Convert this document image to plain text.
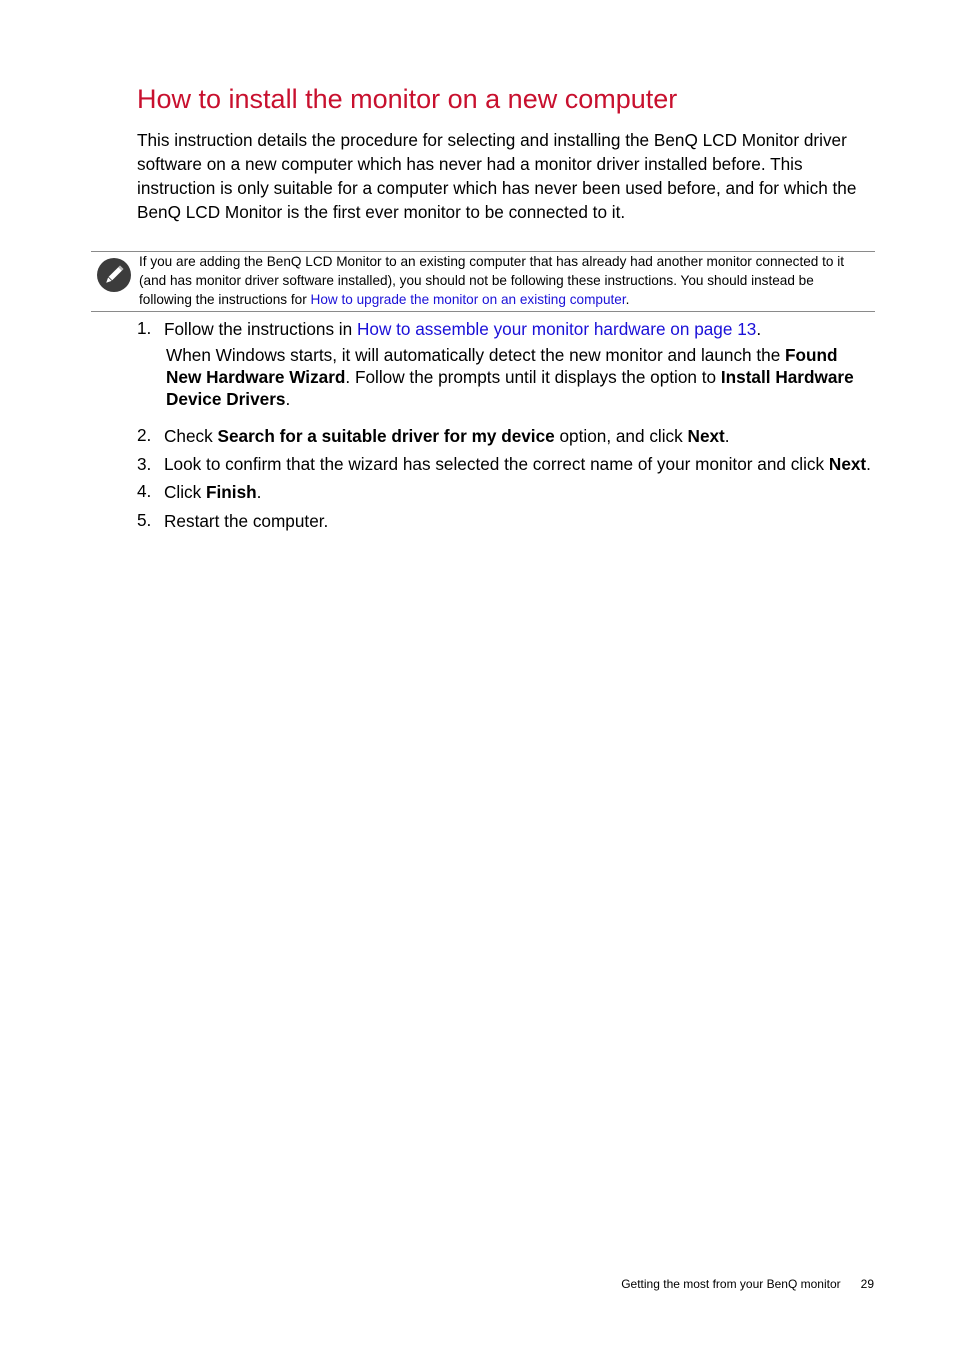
How to install the monitor on a new computer

This instruction details the procedure for selecting and installing the BenQ LCD Monitor driver software on a new computer which has never had a monitor driver installed before. This instruction is only suitable for a computer which has never been used before, and for which the BenQ LCD Monitor is the first ever monitor to be connected to it.

If you are adding the BenQ LCD Monitor to an existing computer that has already had another monitor connected to it (and has monitor driver software installed), you should not be following these instructions. You should instead be following the instructions for How to upgrade the monitor on an existing computer.

1. Follow the instructions in How to assemble your monitor hardware on page 13.

When Windows starts, it will automatically detect the new monitor and launch the Found New Hardware Wizard. Follow the prompts until it displays the option to Install Hardware Device Drivers.

2. Check Search for a suitable driver for my device option, and click Next.

3. Look to confirm that the wizard has selected the correct name of your monitor and click Next.

4. Click Finish.

5. Restart the computer.

Getting the most from your BenQ monitor 29
